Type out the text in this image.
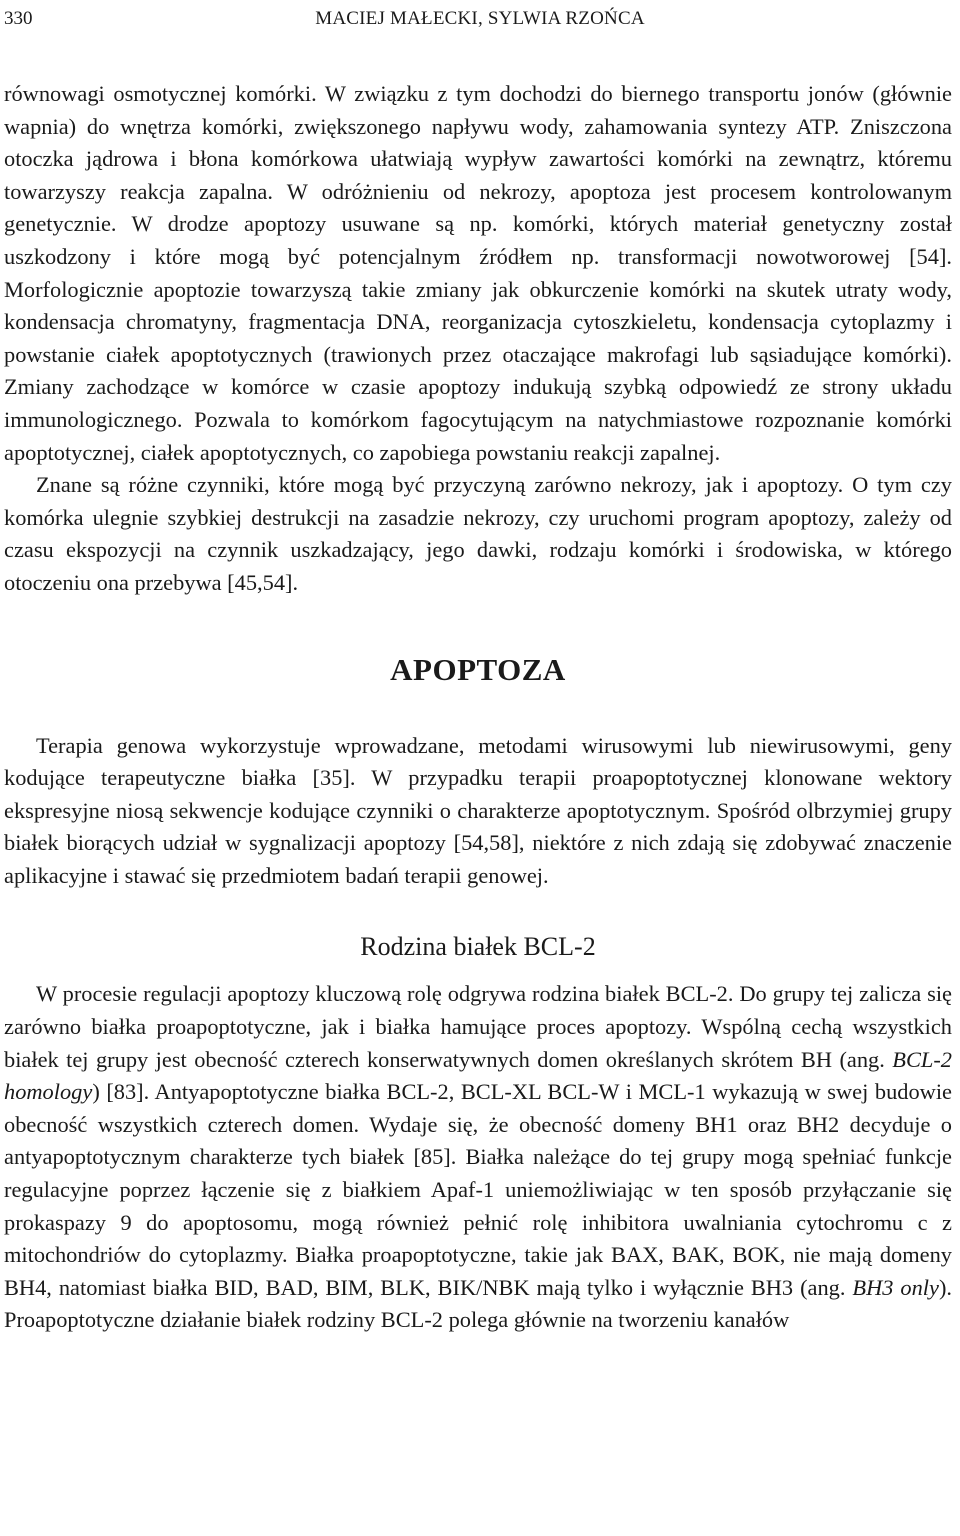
330	MACIEJ MAŁECKI, SYLWIA RZOŃCA

równowagi osmotycznej komórki. W związku z tym dochodzi do biernego transportu jonów (głównie wapnia) do wnętrza komórki, zwiększonego napływu wody, zahamowania syntezy ATP. Zniszczona otoczka jądrowa i błona komórkowa ułatwiają wypływ zawartości komórki na zewnątrz, któremu towarzyszy reakcja zapalna. W odróżnieniu od nekrozy, apoptoza jest procesem kontrolowanym genetycznie. W drodze apoptozy usuwane są np. komórki, których materiał genetyczny został uszkodzony i które mogą być potencjalnym źródłem np. transformacji nowotworowej [54]. Morfologicznie apoptozie towarzyszą takie zmiany jak obkurczenie komórki na skutek utraty wody, kondensacja chromatyny, fragmentacja DNA, reorganizacja cytoszkieletu, kondensacja cytoplazmy i powstanie ciałek apoptotycznych (trawionych przez otaczające makrofagi lub sąsiadujące komórki). Zmiany zachodzące w komórce w czasie apoptozy indukują szybką odpowiedź ze strony układu immunologicznego. Pozwala to komórkom fagocytującym na natychmiastowe rozpoznanie komórki apoptotycznej, ciałek apoptotycznych, co zapobiega powstaniu reakcji zapalnej.

Znane są różne czynniki, które mogą być przyczyną zarówno nekrozy, jak i apoptozy. O tym czy komórka ulegnie szybkiej destrukcji na zasadzie nekrozy, czy uruchomi program apoptozy, zależy od czasu ekspozycji na czynnik uszkadzający, jego dawki, rodzaju komórki i środowiska, w którego otoczeniu ona przebywa [45,54].

APOPTOZA

Terapia genowa wykorzystuje wprowadzane, metodami wirusowymi lub niewirusowymi, geny kodujące terapeutyczne białka [35]. W przypadku terapii proapoptotycznej klonowane wektory ekspresyjne niosą sekwencje kodujące czynniki o charakterze apoptotycznym. Spośród olbrzymiej grupy białek biorących udział w sygnalizacji apoptozy [54,58], niektóre z nich zdają się zdobywać znaczenie aplikacyjne i stawać się przedmiotem badań terapii genowej.

Rodzina białek BCL-2

W procesie regulacji apoptozy kluczową rolę odgrywa rodzina białek BCL-2. Do grupy tej zalicza się zarówno białka proapoptotyczne, jak i białka hamujące proces apoptozy. Wspólną cechą wszystkich białek tej grupy jest obecność czterech konserwatywnych domen określanych skrótem BH (ang. BCL-2 homology) [83]. Antyapoptotyczne białka BCL-2, BCL-XL BCL-W i MCL-1 wykazują w swej budowie obecność wszystkich czterech domen. Wydaje się, że obecność domeny BH1 oraz BH2 decyduje o antyapoptotycznym charakterze tych białek [85]. Białka należące do tej grupy mogą spełniać funkcje regulacyjne poprzez łączenie się z białkiem Apaf-1 uniemożliwiając w ten sposób przyłączanie się prokaspazy 9 do apoptosomu, mogą również pełnić rolę inhibitora uwalniania cytochromu c z mitochondriów do cytoplazmy. Białka proapoptotyczne, takie jak BAX, BAK, BOK, nie mają domeny BH4, natomiast białka BID, BAD, BIM, BLK, BIK/NBK mają tylko i wyłącznie BH3 (ang. BH3 only). Proapoptotyczne działanie białek rodziny BCL-2 polega głównie na tworzeniu kanałów
